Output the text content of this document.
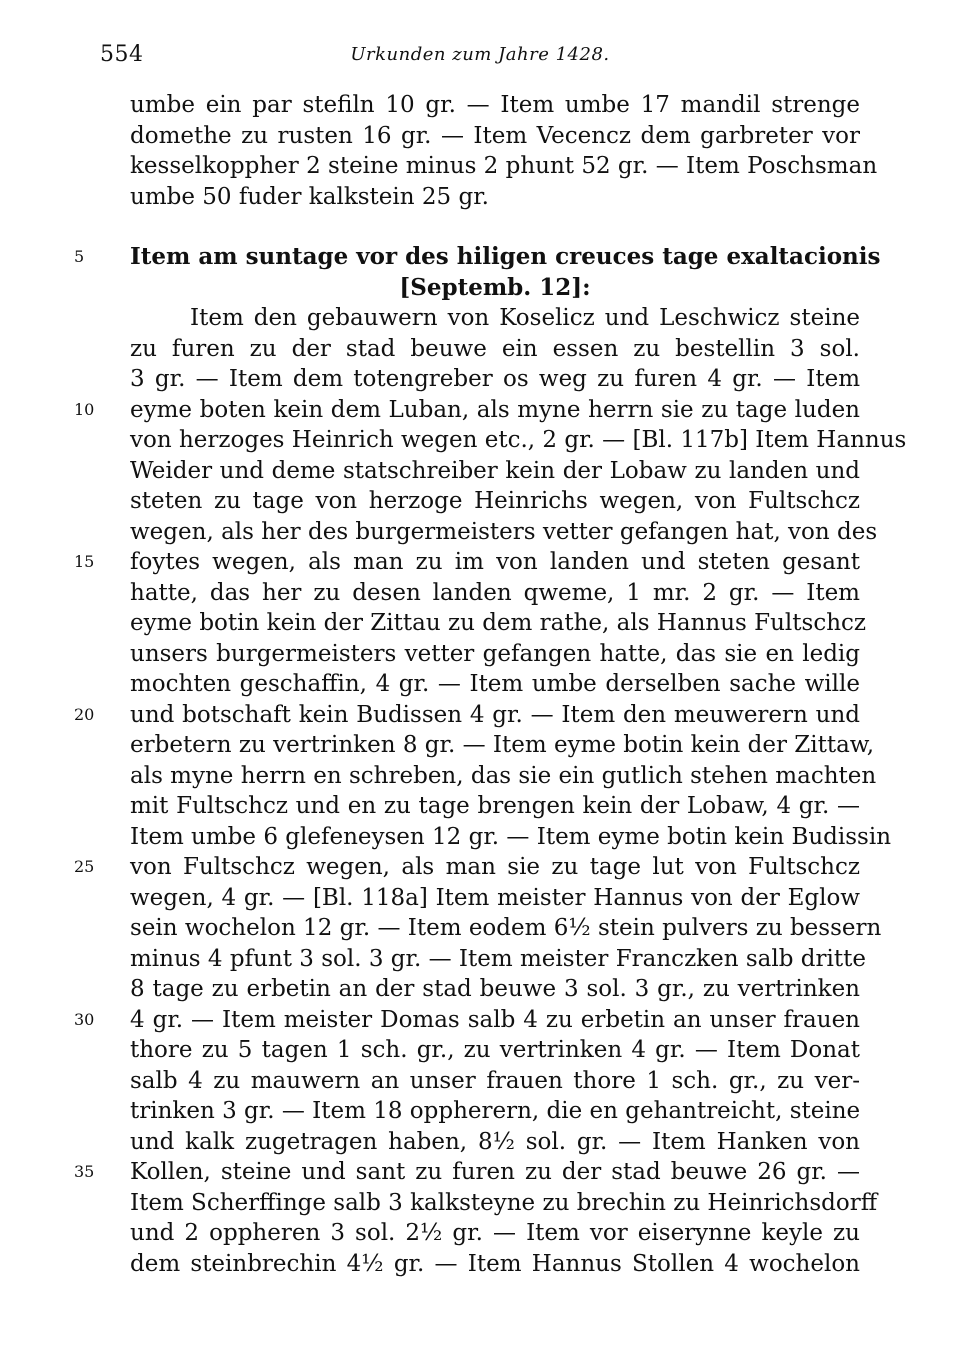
554	Urkunden zum Jahre 1428.
umbe ein par stefiln 10 gr. — Item umbe 17 mandil strenge
domethe zu rusten 16 gr. — Item Vecencz dem garbreter vor
kesselkoppher 2 steine minus 2 phunt 52 gr. — Item Poschsman
umbe 50 fuder kalkstein 25 gr.
5	Item am suntage vor des hiligen creuces tage exaltacionis
[Septemb. 12]:
Item den gebauwern von Koselicz und Leschwicz steine
zu furen zu der stad beuwe ein essen zu bestellin 3 sol.
3 gr. — Item dem totengreber os weg zu furen 4 gr. — Item
10	eyme boten kein dem Luban, als myne herrn sie zu tage luden
von herzoges Heinrich wegen etc., 2 gr. — [Bl. 117b] Item Hannus
Weider und deme statschreiber kein der Lobaw zu landen und
steten zu tage von herzoge Heinrichs wegen, von Fultschcz
wegen, als her des burgermeisters vetter gefangen hat, von des
15	foytes wegen, als man zu im von landen und steten gesant
hatte, das her zu desen landen qweme, 1 mr. 2 gr. — Item
eyme botin kein der Zittau zu dem rathe, als Hannus Fultschcz
unsers burgermeisters vetter gefangen hatte, das sie en ledig
mochten geschaffin, 4 gr. — Item umbe derselben sache wille
20	und botschaft kein Budissen 4 gr. — Item den meuwerern und
erbetern zu vertrinken 8 gr. — Item eyme botin kein der Zittaw,
als myne herrn en schreben, das sie ein gutlich stehen machten
mit Fultschcz und en zu tage brengen kein der Lobaw, 4 gr. —
Item umbe 6 glefeneysen 12 gr. — Item eyme botin kein Budissin
25	von Fultschcz wegen, als man sie zu tage lut von Fultschcz
wegen, 4 gr. — [Bl. 118a] Item meister Hannus von der Eglow
sein wochelon 12 gr. — Item eodem 6½ stein pulvers zu bessern
minus 4 pfunt 3 sol. 3 gr. — Item meister Franczken salb dritte
8 tage zu erbetin an der stad beuwe 3 sol. 3 gr., zu vertrinken
30	4 gr. — Item meister Domas salb 4 zu erbetin an unser frauen
thore zu 5 tagen 1 sch. gr., zu vertrinken 4 gr. — Item Donat
salb 4 zu mauwern an unser frauen thore 1 sch. gr., zu ver-
trinken 3 gr. — Item 18 oppherern, die en gehantreicht, steine
und kalk zugetragen haben, 8½ sol. gr. — Item Hanken von
35	Kollen, steine und sant zu furen zu der stad beuwe 26 gr. —
Item Scherffinge salb 3 kalksteyne zu brechin zu Heinrichsdorff
und 2 oppheren 3 sol. 2½ gr. — Item vor eiserynne keyle zu
dem steinbrechin 4½ gr. — Item Hannus Stollen 4 wochelon
